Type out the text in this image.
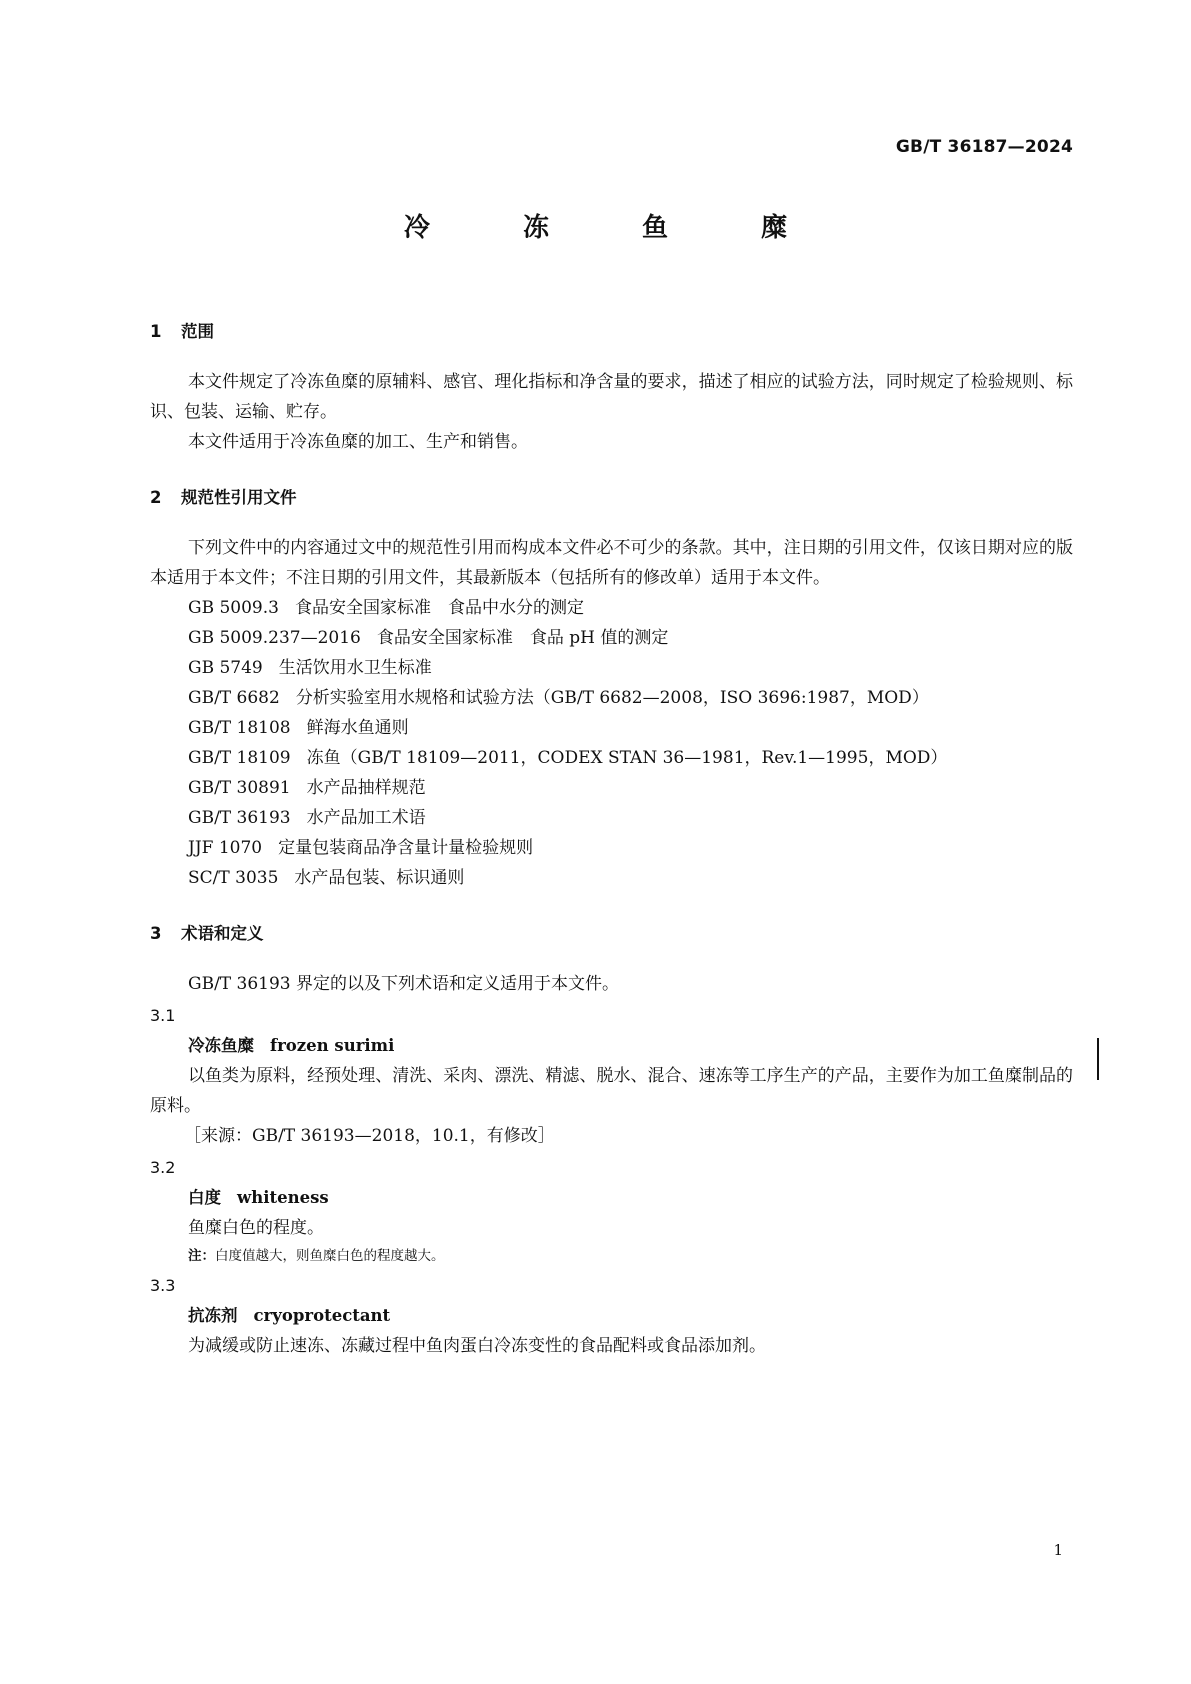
GB/T 36187—2024
冷 冻 鱼 糜
1 范围
本文件规定了冷冻鱼糜的原辅料、感官、理化指标和净含量的要求，描述了相应的试验方法，同时规定了检验规则、标识、包装、运输、贮存。
本文件适用于冷冻鱼糜的加工、生产和销售。
2 规范性引用文件
下列文件中的内容通过文中的规范性引用而构成本文件必不可少的条款。其中，注日期的引用文件，仅该日期对应的版本适用于本文件；不注日期的引用文件，其最新版本（包括所有的修改单）适用于本文件。
GB 5009.3 食品安全国家标准　食品中水分的测定
GB 5009.237—2016 食品安全国家标准　食品 pH 值的测定
GB 5749 生活饮用水卫生标准
GB/T 6682 分析实验室用水规格和试验方法（GB/T 6682—2008，ISO 3696:1987，MOD）
GB/T 18108 鲜海水鱼通则
GB/T 18109 冻鱼（GB/T 18109—2011，CODEX STAN 36—1981，Rev.1—1995，MOD）
GB/T 30891 水产品抽样规范
GB/T 36193 水产品加工术语
JJF 1070 定量包装商品净含量计量检验规则
SC/T 3035 水产品包装、标识通则
3 术语和定义
GB/T 36193 界定的以及下列术语和定义适用于本文件。
3.1
冷冻鱼糜 frozen surimi
以鱼类为原料，经预处理、清洗、采肉、漂洗、精滤、脱水、混合、速冻等工序生产的产品，主要作为加工鱼糜制品的原料。
［来源：GB/T 36193—2018，10.1，有修改］
3.2
白度 whiteness
鱼糜白色的程度。
注：白度值越大，则鱼糜白色的程度越大。
3.3
抗冻剂 cryoprotectant
为减缓或防止速冻、冻藏过程中鱼肉蛋白冷冻变性的食品配料或食品添加剂。
1
